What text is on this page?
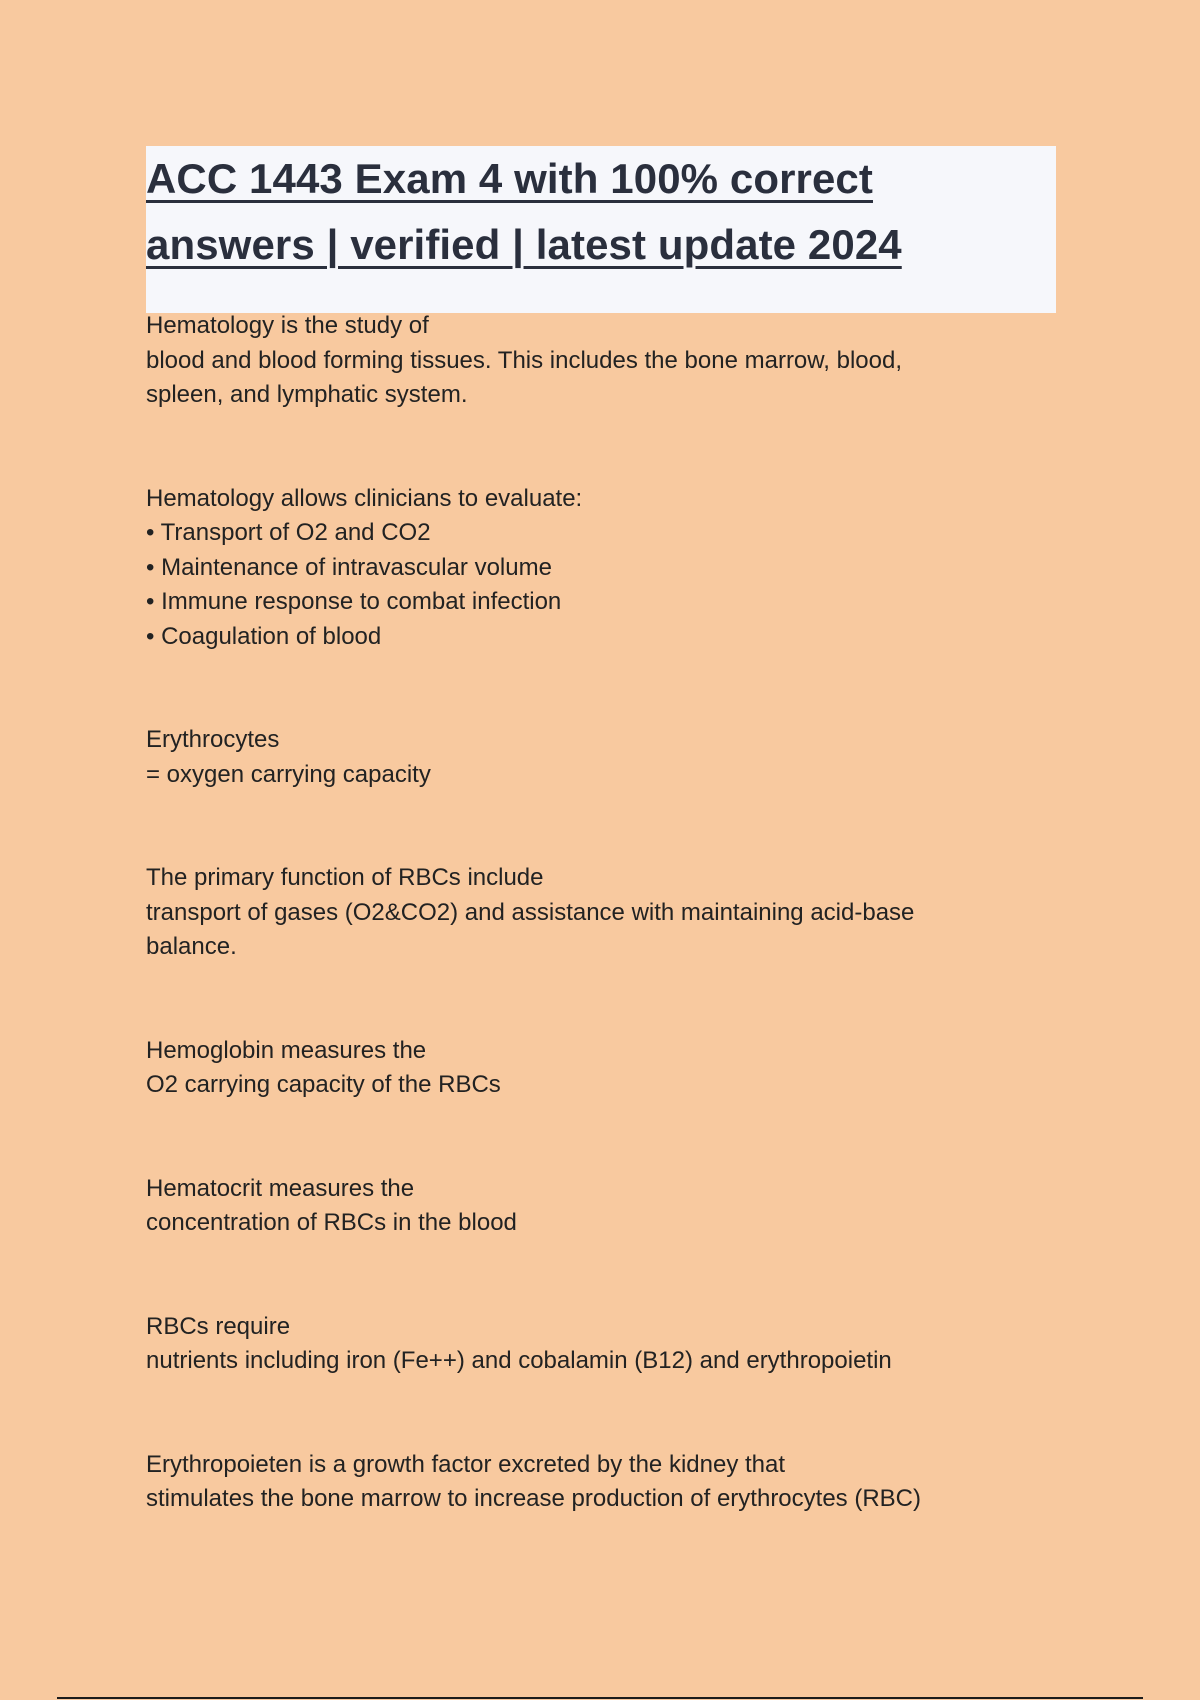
ACC 1443 Exam 4 with 100% correct
answers | verified | latest update 2024
Hematology is the study of
blood and blood forming tissues. This includes the bone marrow, blood,
spleen, and lymphatic system.
Hematology allows clinicians to evaluate:
• Transport of O2 and CO2
• Maintenance of intravascular volume
• Immune response to combat infection
• Coagulation of blood
Erythrocytes
= oxygen carrying capacity
The primary function of RBCs include
transport of gases (O2&CO2) and assistance with maintaining acid-base
balance.
Hemoglobin measures the
O2 carrying capacity of the RBCs
Hematocrit measures the
concentration of RBCs in the blood
RBCs require
nutrients including iron (Fe++) and cobalamin (B12) and erythropoietin
Erythropoieten is a growth factor excreted by the kidney that
stimulates the bone marrow to increase production of erythrocytes (RBC)
